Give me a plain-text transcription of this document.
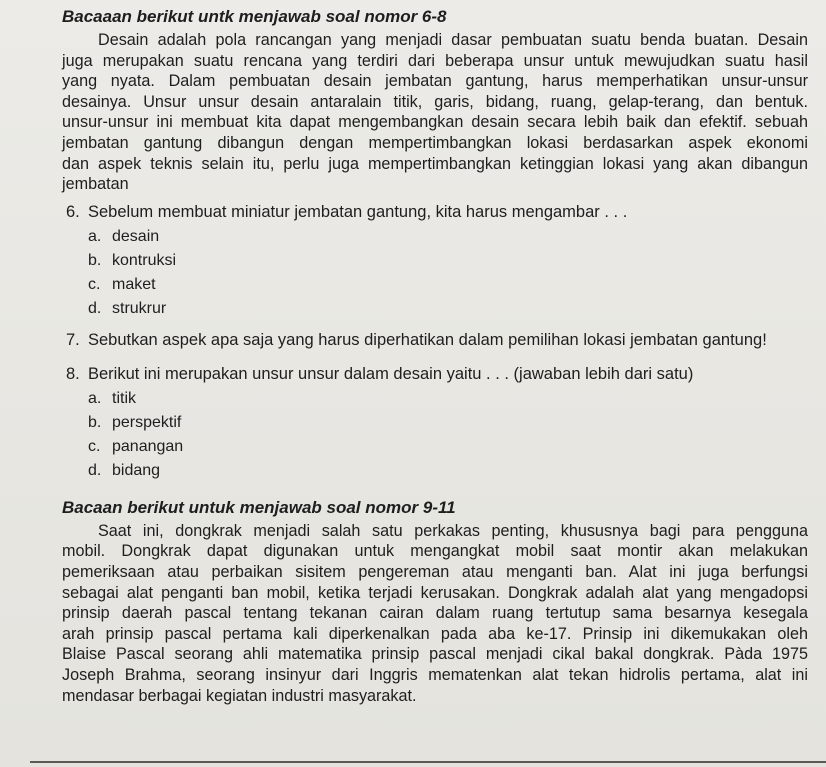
Bacaaan berikut untk menjawab soal nomor 6-8
Desain adalah pola rancangan yang menjadi dasar pembuatan suatu benda buatan. Desain
juga merupakan suatu rencana yang terdiri dari beberapa unsur untuk mewujudkan suatu hasil
yang nyata. Dalam pembuatan desain jembatan gantung, harus memperhatikan unsur-unsur
desainya. Unsur unsur desain antaralain titik, garis, bidang, ruang, gelap-terang, dan bentuk.
unsur-unsur ini membuat kita dapat mengembangkan desain secara lebih baik dan efektif. sebuah
jembatan gantung dibangun dengan mempertimbangkan lokasi berdasarkan aspek ekonomi
dan aspek teknis selain itu, perlu juga mempertimbangkan ketinggian lokasi yang akan dibangun
jembatan
6. Sebelum membuat miniatur jembatan gantung, kita harus mengambar . . .
a. desain
b. kontruksi
c. maket
d. strukrur
7. Sebutkan aspek apa saja yang harus diperhatikan dalam pemilihan lokasi jembatan gantung!
8. Berikut ini merupakan unsur unsur dalam desain yaitu . . . (jawaban lebih dari satu)
a. titik
b. perspektif
c. panangan
d. bidang
Bacaan berikut untuk menjawab soal nomor 9-11
Saat ini, dongkrak menjadi salah satu perkakas penting, khususnya bagi para pengguna
mobil. Dongkrak dapat digunakan untuk mengangkat mobil saat montir akan melakukan
pemeriksaan atau perbaikan sisitem pengereman atau menganti ban. Alat ini juga berfungsi
sebagai alat penganti ban mobil, ketika terjadi kerusakan. Dongkrak adalah alat yang mengadopsi
prinsip daerah pascal tentang tekanan cairan dalam ruang tertutup sama besarnya kesegala
arah prinsip pascal pertama kali diperkenalkan pada aba ke-17. Prinsip ini dikemukakan oleh
Blaise Pascal seorang ahli matematika prinsip pascal menjadi cikal bakal dongkrak. Pàda 1975
Joseph Brahma, seorang insinyur dari Inggris mematenkan alat tekan hidrolis pertama, alat ini
mendasar berbagai kegiatan industri masyarakat.
